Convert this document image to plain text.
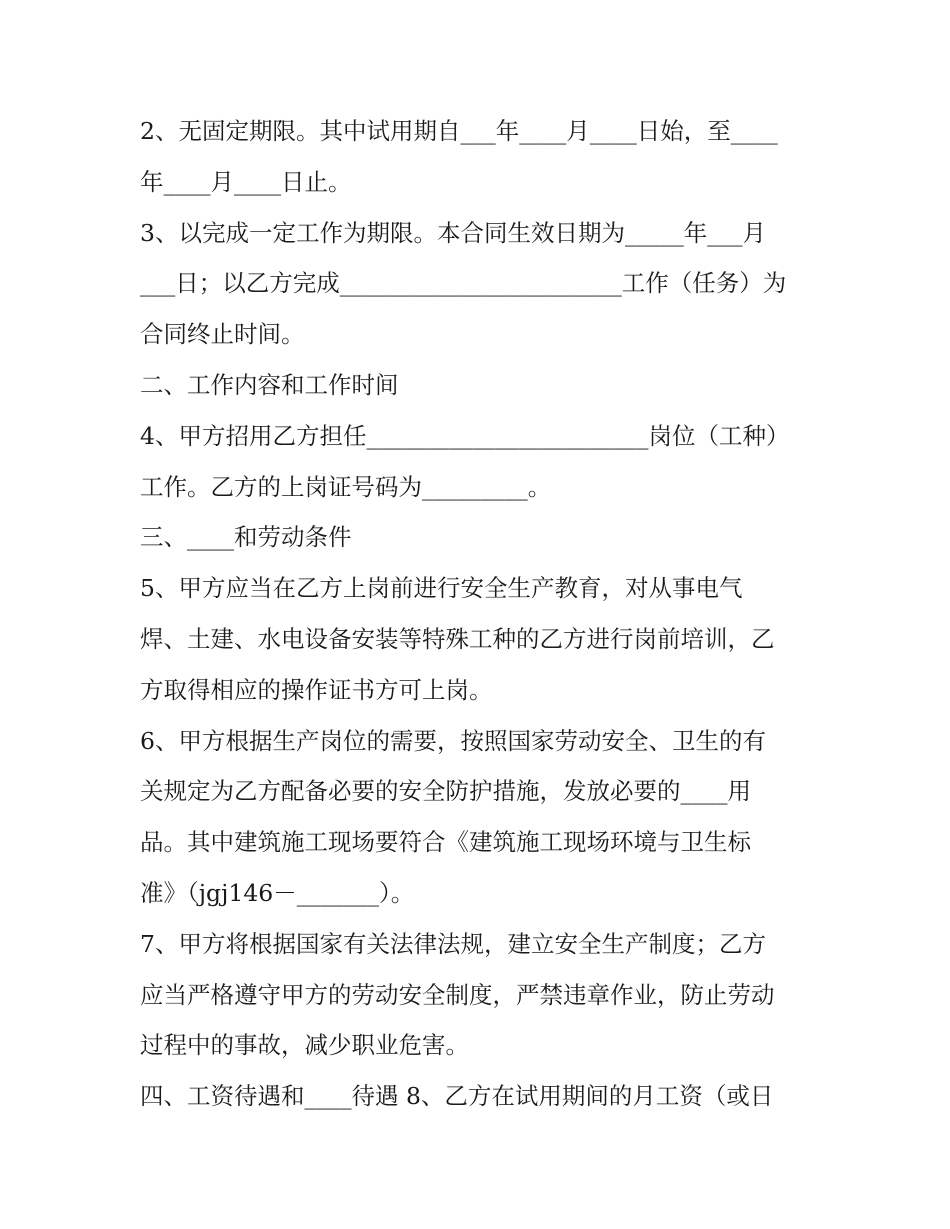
2、无固定期限。其中试用期自___年____月____日始，至____
年____月____日止。
3、以完成一定工作为期限。本合同生效日期为_____年___月
___日；以乙方完成________________________工作（任务）为
合同终止时间。
二、工作内容和工作时间
4、甲方招用乙方担任________________________岗位（工种）
工作。乙方的上岗证号码为_________。
三、____和劳动条件
5、甲方应当在乙方上岗前进行安全生产教育，对从事电气
焊、土建、水电设备安装等特殊工种的乙方进行岗前培训，乙
方取得相应的操作证书方可上岗。
6、甲方根据生产岗位的需要，按照国家劳动安全、卫生的有
关规定为乙方配备必要的安全防护措施，发放必要的____用
品。其中建筑施工现场要符合《建筑施工现场环境与卫生标
准》（jgj146－_______）。
7、甲方将根据国家有关法律法规，建立安全生产制度；乙方
应当严格遵守甲方的劳动安全制度，严禁违章作业，防止劳动
过程中的事故，减少职业危害。
四、工资待遇和____待遇 8、乙方在试用期间的月工资（或日
